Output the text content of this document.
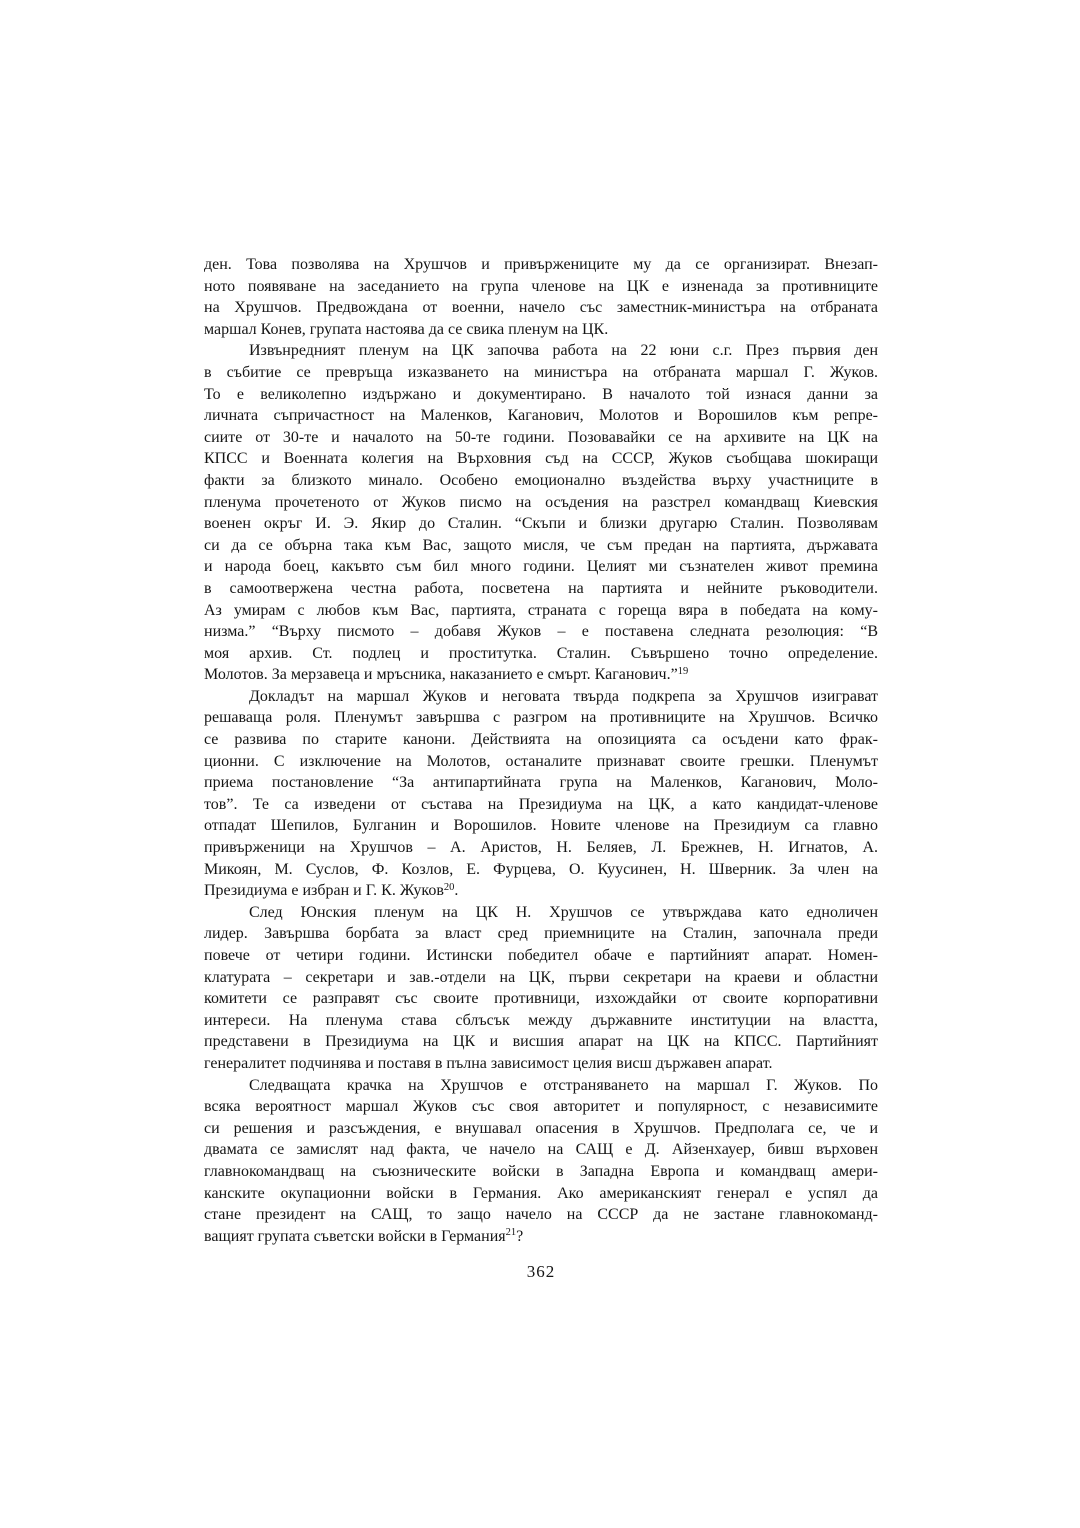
ден. Това позволява на Хрушчов и привържениците му да се организират. Внезап-
ното появяване на заседанието на група членове на ЦК е изненада за противниците
на Хрушчов. Предвождана от военни, начело със заместник-министъра на отбраната
маршал Конев, групата настоява да се свика пленум на ЦК.
Извънредният пленум на ЦК започва работа на 22 юни с.г. През първия ден
в събитие се превръща изказването на министъра на отбраната маршал Г. Жуков.
То е великолепно издържано и документирано. В началото той изнася данни за
личната съпричастност на Маленков, Каганович, Молотов и Ворошилов към репре-
сиите от 30-те и началото на 50-те години. Позовавайки се на архивите на ЦК на
КПСС и Военната колегия на Върховния съд на СССР, Жуков съобщава шокиращи
факти за близкото минало. Особено емоционално въздейства върху участниците в
пленума прочетеното от Жуков писмо на осъдения на разстрел командващ Киевския
военен окръг И. Э. Якир до Сталин. “Скъпи и близки другарю Сталин. Позволявам
си да се обърна така към Вас, защото мисля, че съм предан на партията, държавата
и народа боец, какъвто съм бил много години. Целият ми съзнателен живот премина
в самоотвержена честна работа, посветена на партията и нейните ръководители.
Аз умирам с любов към Вас, партията, страната с гореща вяра в победата на кому-
низма.” “Върху писмото – добавя Жуков – е поставена следната резолюция: “В
моя архив. Ст. подлец и проститутка. Сталин. Съвършено точно определение.
Молотов. За мерзавеца и мръсника, наказанието е смърт. Каганович.”$^{19}$
Докладът на маршал Жуков и неговата твърда подкрепа за Хрушчов изиграват
решаваща роля. Пленумът завършва с разгром на противниците на Хрушчов. Всичко
се развива по старите канони. Действията на опозицията са осъдени като фрак-
ционни. С изключение на Молотов, останалите признават своите грешки. Пленумът
приема постановление “За антипартийната група на Маленков, Каганович, Моло-
тов”. Те са изведени от състава на Президиума на ЦК, а като кандидат-членове
отпадат Шепилов, Булганин и Ворошилов. Новите членове на Президиум са главно
привърженици на Хрушчов – А. Аристов, Н. Беляев, Л. Брежнев, Н. Игнатов, А.
Микоян, М. Суслов, Ф. Козлов, Е. Фурцева, О. Куусинен, Н. Шверник. За член на
Президиума е избран и Г. К. Жуков$^{20}$.
След Юнския пленум на ЦК Н. Хрушчов се утвърждава като едноличен
лидер. Завършва борбата за власт сред приемниците на Сталин, започнала преди
повече от четири години. Истински победител обаче е партийният апарат. Номен-
клатурата – секретари и зав.-отдели на ЦК, първи секретари на краеви и областни
комитети се разправят със своите противници, изхождайки от своите корпоративни
интереси. На пленума става сблъсък между държавните институции на властта,
представени в Президиума на ЦК и висшия апарат на ЦК на КПСС. Партийният
генералитет подчинява и поставя в пълна зависимост целия висш държавен апарат.
Следващата крачка на Хрушчов е отстраняването на маршал Г. Жуков. По
всяка вероятност маршал Жуков със своя авторитет и популярност, с независимите
си решения и разсъждения, е внушавал опасения в Хрушчов. Предполага се, че и
двамата се замислят над факта, че начело на САЩ е Д. Айзенхауер, бивш върховен
главнокомандващ на съюзническите войски в Западна Европа и командващ амери-
канските окупационни войски в Германия. Ако американският генерал е успял да
стане президент на САЩ, то защо начело на СССР да не застане главнокоманд-
ващият групата съветски войски в Германия$^{21}$?
362
